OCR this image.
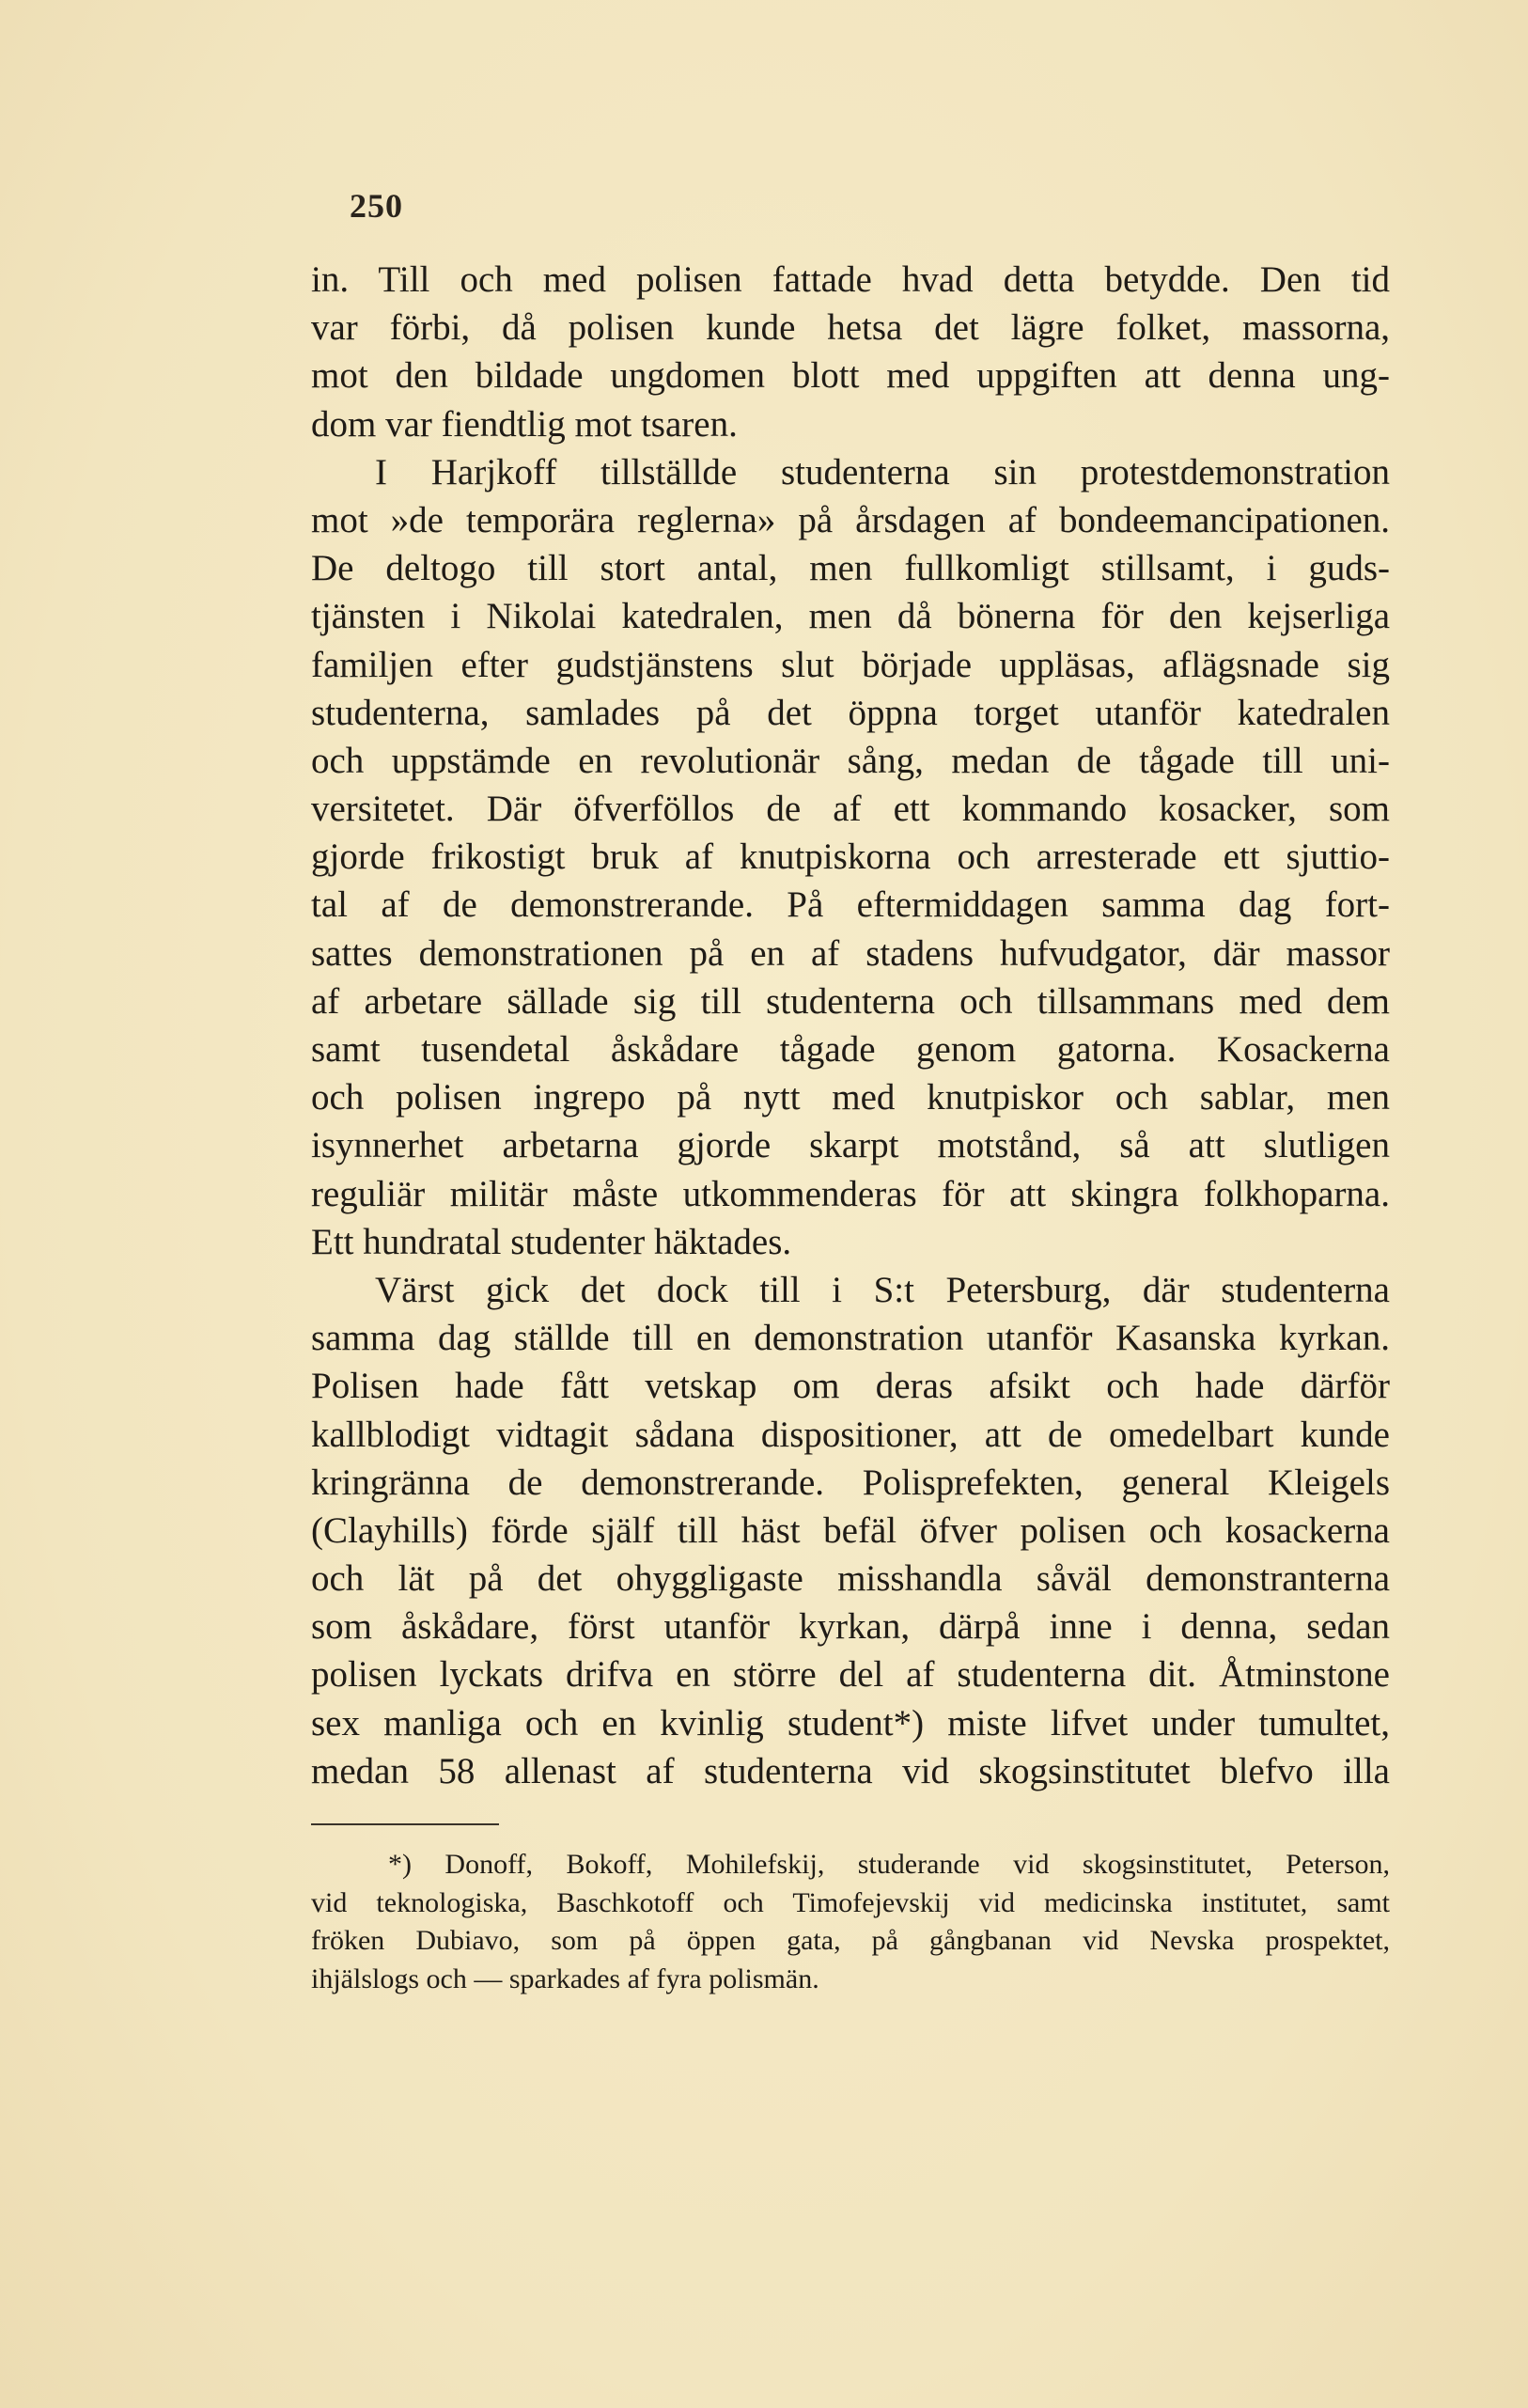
250
in. Till och med polisen fattade hvad detta betydde. Den tid
var förbi, då polisen kunde hetsa det lägre folket, massorna,
mot den bildade ungdomen blott med uppgiften att denna ung-
dom var fiendtlig mot tsaren.
I Harjkoff tillställde studenterna sin protestdemonstration
mot »de temporära reglerna» på årsdagen af bondeemancipationen.
De deltogo till stort antal, men fullkomligt stillsamt, i guds-
tjänsten i Nikolai katedralen, men då bönerna för den kejserliga
familjen efter gudstjänstens slut började uppläsas, aflägsnade sig
studenterna, samlades på det öppna torget utanför katedralen
och uppstämde en revolutionär sång, medan de tågade till uni-
versitetet. Där öfverföllos de af ett kommando kosacker, som
gjorde frikostigt bruk af knutpiskorna och arresterade ett sjuttio-
tal af de demonstrerande. På eftermiddagen samma dag fort-
sattes demonstrationen på en af stadens hufvudgator, där massor
af arbetare sällade sig till studenterna och tillsammans med dem
samt tusendetal åskådare tågade genom gatorna. Kosackerna
och polisen ingrepo på nytt med knutpiskor och sablar, men
isynnerhet arbetarna gjorde skarpt motstånd, så att slutligen
reguliär militär måste utkommenderas för att skingra folkhoparna.
Ett hundratal studenter häktades.
Värst gick det dock till i S:t Petersburg, där studenterna
samma dag ställde till en demonstration utanför Kasanska kyrkan.
Polisen hade fått vetskap om deras afsikt och hade därför
kallblodigt vidtagit sådana dispositioner, att de omedelbart kunde
kringränna de demonstrerande. Polisprefekten, general Kleigels
(Clayhills) förde själf till häst befäl öfver polisen och kosackerna
och lät på det ohyggligaste misshandla såväl demonstranterna
som åskådare, först utanför kyrkan, därpå inne i denna, sedan
polisen lyckats drifva en större del af studenterna dit. Åtminstone
sex manliga och en kvinlig student*) miste lifvet under tumultet,
medan 58 allenast af studenterna vid skogsinstitutet blefvo illa
*) Donoff, Bokoff, Mohilefskij, studerande vid skogsinstitutet, Peterson,
vid teknologiska, Baschkotoff och Timofejevskij vid medicinska institutet, samt
fröken Dubiavo, som på öppen gata, på gångbanan vid Nevska prospektet,
ihjälslogs och — sparkades af fyra polismän.
